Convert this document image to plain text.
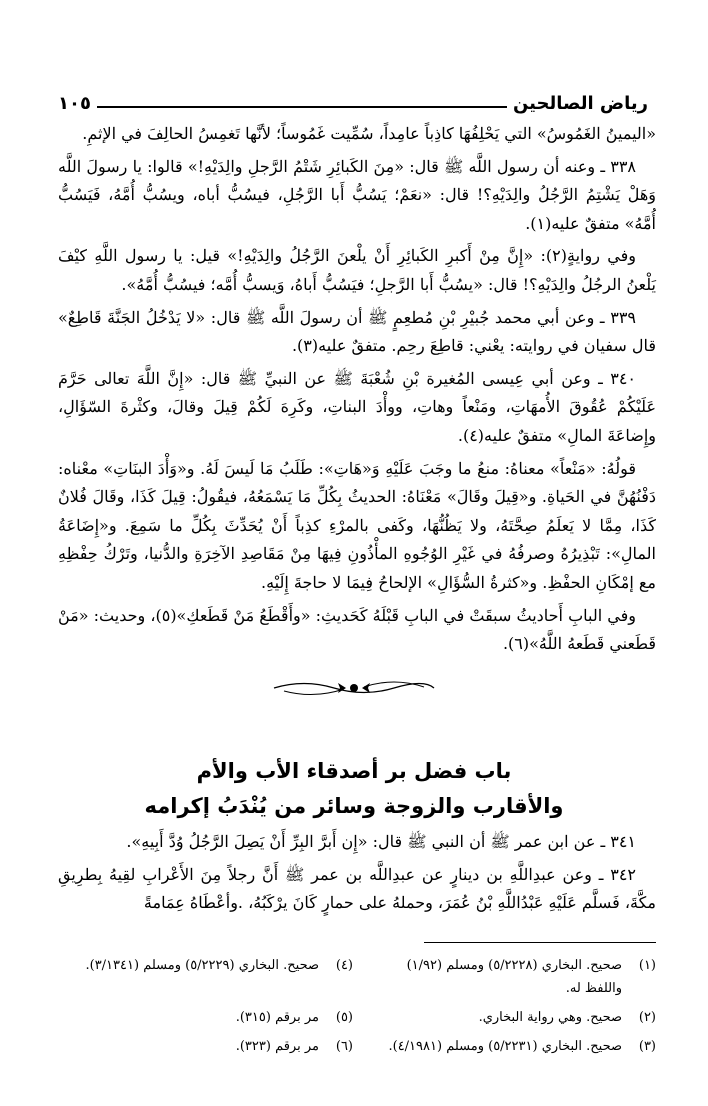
رياض الصالحين
١٠٥

«اليمينُ الغَمُوسُ» التي يَحْلِفُهَا كاذِباً عامِداً، سُمِّيت غَمُوساً؛ لأنَّها تَغمِسُ الحالِفَ في الإثمِ.

٣٣٨ ـ وعنه أن رسول اللَّه ﷺ قال: «مِنَ الكَبائِرِ شَتْمُ الرَّجلِ والِدَيْهِ!» قالوا: يا رسولَ اللَّه وَهَلْ يَشْتِمُ الرَّجُلُ والِدَيْهِ؟! قال: «نعَمْ؛ يَسُبُّ أَبا الرَّجُلِ، فيسُبُّ أباه، ويسُبُّ أُمَّهُ، فَيَسُبُّ أُمَّهُ» متفقٌ عليه(١).

وفي روايةٍ(٢): «إِنَّ مِنْ أَكبرِ الكَبائِرِ أَنْ يلْعنَ الرَّجُلُ والِدَيْهِ!» قيل: يا رسول اللَّهِ كيْفَ يَلْعنُ الرجُلُ والِدَيْهِ؟! قال: «يسُبُّ أَبا الرَّجلِ؛ فيَسُبُّ أَباهُ، وَيسبُّ أُمَّه؛ فيسُبُّ أُمَّهُ».

٣٣٩ ـ وعن أبي محمد جُبيْرِ بْنِ مُطعِمٍ ﷺ أن رسولَ اللَّه ﷺ قال: «لا يَدْخُلُ الجَنَّةَ قَاطِعٌ» قال سفيان في روايته: يعْني: قاطِعَ رحِم. متفقٌ عليه(٣).

٣٤٠ ـ وعن أبي عِيسى المُغيرة بْنِ شُعْبَةَ ﷺ عن النبيِّ ﷺ قال: «إِنَّ اللَّهَ تعالى حَرَّمَ عَلَيْكُمْ عُقُوقَ الأُمهَاتِ، ومَنْعاً وهاتِ، ووأْدَ البناتِ، وكَرِهَ لَكُمْ قِيلَ وقالَ، وكثْرةَ السّؤَالِ، وإِضاعَةَ المالِ» متفقٌ عليه(٤).

قولُهُ: «مَنْعاً» معناهُ: منعُ ما وجَبَ عَلَيْهِ وَ«هَاتِ»: طَلَبُ مَا لَيسَ لَهُ. و«وَأْدَ البنَاتِ» معْناه: دَفْنُهُنَّ في الحَياةِ. و«قِيلَ وقَالَ» مَعْنَاهُ: الحديثُ بِكُلِّ مَا يَسْمَعُهُ، فيقُولُ: قِيلَ كَذَا، وقَالَ فُلانٌ كَذَا، مِمَّا لا يَعلَمُ صِحَّتَهُ، ولا يَظُنُّهَا، وكَفى بالمرْءِ كذِباً أَنْ يُحَدِّثَ بِكُلِّ ما سَمِعَ. و«إِضَاعَةُ المالِ»: تَبْذِيرُهُ وصرفُهُ في غَيْرِ الوُجُوهِ المأْذُونِ فِيهَا مِنْ مَقَاصِدِ الآخِرَةِ والدُّنيا، وتَرْكُ حِفْظِهِ مع إمْكَانِ الحفْظِ. و«كثرةُ السُّؤَالِ» الإلحاحُ فِيمَا لا حاجةَ إِلَيْهِ.

وفي البابِ أَحاديثُ سبقَتْ في البابِ قَبْلَهُ كَحَديثِ: «وأَقْطَعُ مَنْ قَطَعكِ»(٥)، وحديث: «مَنْ قَطَعني قَطَعهُ اللَّهُ»(٦).

باب فضل بر أصدقاء الأب والأم
والأقارب والزوجة وسائر من يُنْدَبُ إكرامه

٣٤١ ـ عن ابن عمر ﷺ أن النبي ﷺ قال: «إِن أَبرَّ البِرِّ أَنْ يَصِلَ الرَّجُلُ وُدَّ أَبِيهِ».

٣٤٢ ـ وعن عبدِاللَّهِ بن دينارٍ عن عبدِاللَّه بن عمر ﷺ أَنَّ رجلاً مِنَ الأَعْرابِ لقِيهُ بِطرِيقِ مكَّةَ، فَسلَّم عَلَيْهِ عَبْدُاللَّهِ بْنُ عُمَرَ، وحملهُ على حمارٍ كَانَ يرْكَبُهُ، .وأعْطَاهُ عِمَامةً

(١)
صحيح. البخاري (٥/٢٢٢٨) ومسلم (١/٩٢)
(٤)
صحيح. البخاري (٥/٢٢٢٩) ومسلم (٣/١٣٤١).
واللفظ له.
(٢)
صحيح. وهي رواية البخاري.
(٥)
مر برقم (٣١٥).
(٣)
صحيح. البخاري (٥/٢٢٣١) ومسلم (٤/١٩٨١).
(٦)
مر برقم (٣٢٣).
